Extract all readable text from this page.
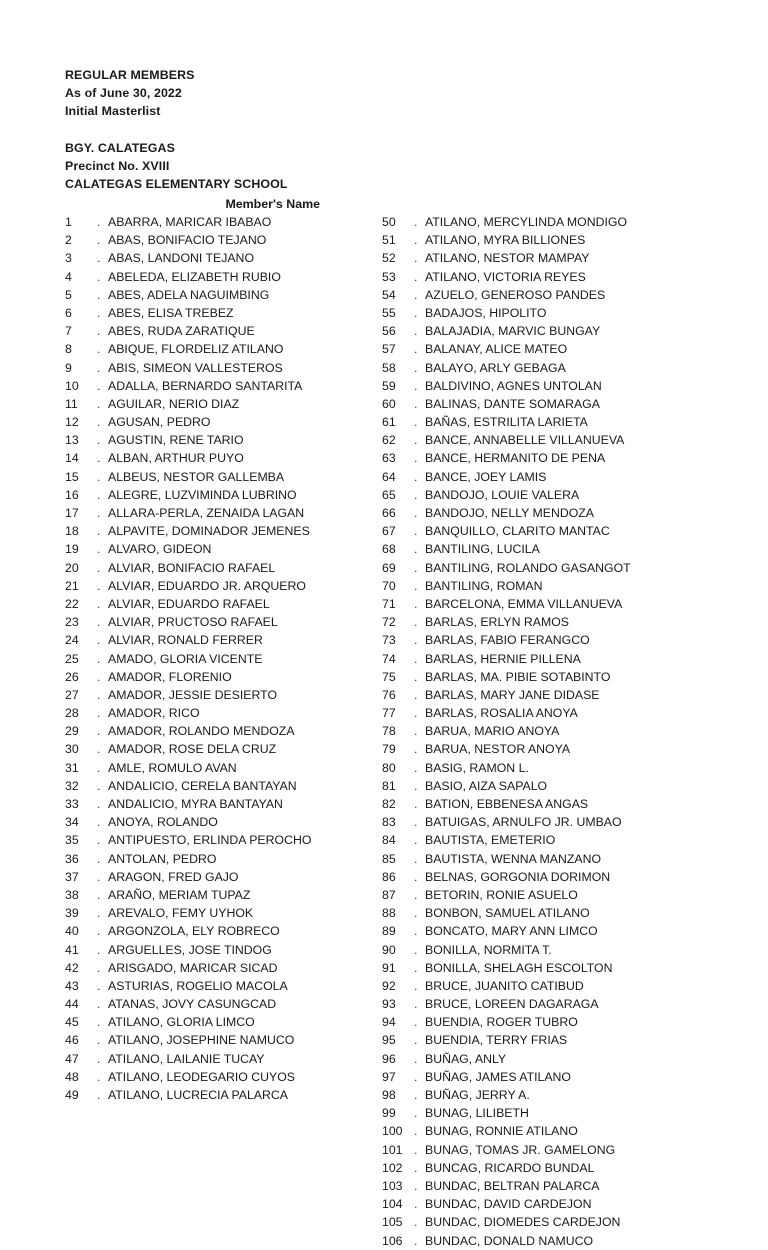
REGULAR MEMBERS
As of June 30, 2022
Initial Masterlist
BGY. CALATEGAS
Precinct No. XVIII
CALATEGAS ELEMENTARY SCHOOL
Member's Name
1	. ABARRA, MARICAR IBABAO
2	. ABAS, BONIFACIO TEJANO
3	. ABAS, LANDONI TEJANO
4	. ABELEDA, ELIZABETH RUBIO
5	. ABES, ADELA NAGUIMBING
6	. ABES, ELISA TREBEZ
7	. ABES, RUDA ZARATIQUE
8	. ABIQUE, FLORDELIZ ATILANO
9	. ABIS, SIMEON VALLESTEROS
10	. ADALLA, BERNARDO SANTARITA
11	. AGUILAR, NERIO DIAZ
12	. AGUSAN, PEDRO
13	. AGUSTIN, RENE TARIO
14	. ALBAN, ARTHUR PUYO
15	. ALBEUS, NESTOR GALLEMBA
16	. ALEGRE, LUZVIMINDA LUBRINO
17	. ALLARA-PERLA, ZENAIDA LAGAN
18	. ALPAVITE, DOMINADOR JEMENES
19	. ALVARO, GIDEON
20	. ALVIAR, BONIFACIO RAFAEL
21	. ALVIAR, EDUARDO JR. ARQUERO
22	. ALVIAR, EDUARDO RAFAEL
23	. ALVIAR, PRUCTOSO RAFAEL
24	. ALVIAR, RONALD FERRER
25	. AMADO, GLORIA VICENTE
26	. AMADOR, FLORENIO
27	. AMADOR, JESSIE DESIERTO
28	. AMADOR, RICO
29	. AMADOR, ROLANDO MENDOZA
30	. AMADOR, ROSE DELA CRUZ
31	. AMLE, ROMULO AVAN
32	. ANDALICIO, CERELA BANTAYAN
33	. ANDALICIO, MYRA BANTAYAN
34	. ANOYA, ROLANDO
35	. ANTIPUESTO, ERLINDA PEROCHO
36	. ANTOLAN, PEDRO
37	. ARAGON, FRED GAJO
38	. ARAÑO, MERIAM TUPAZ
39	. AREVALO, FEMY UYHOK
40	. ARGONZOLA, ELY ROBRECO
41	. ARGUELLES, JOSE TINDOG
42	. ARISGADO, MARICAR SICAD
43	. ASTURIAS, ROGELIO MACOLA
44	. ATANAS, JOVY CASUNGCAD
45	. ATILANO, GLORIA LIMCO
46	. ATILANO, JOSEPHINE NAMUCO
47	. ATILANO, LAILANIE TUCAY
48	. ATILANO, LEODEGARIO CUYOS
49	. ATILANO, LUCRECIA PALARCA
50	. ATILANO, MERCYLINDA MONDIGO
51	. ATILANO, MYRA BILLIONES
52	. ATILANO, NESTOR MAMPAY
53	. ATILANO, VICTORIA REYES
54	. AZUELO, GENEROSO PANDES
55	. BADAJOS, HIPOLITO
56	. BALAJADIA, MARVIC BUNGAY
57	. BALANAY, ALICE MATEO
58	. BALAYO, ARLY GEBAGA
59	. BALDIVINO, AGNES UNTOLAN
60	. BALINAS, DANTE SOMARAGA
61	. BAÑAS, ESTRILITA LARIETA
62	. BANCE, ANNABELLE VILLANUEVA
63	. BANCE, HERMANITO DE PENA
64	. BANCE, JOEY LAMIS
65	. BANDOJO, LOUIE VALERA
66	. BANDOJO, NELLY MENDOZA
67	. BANQUILLO, CLARITO MANTAC
68	. BANTILING, LUCILA
69	. BANTILING, ROLANDO GASANGOT
70	. BANTILING, ROMAN
71	. BARCELONA, EMMA VILLANUEVA
72	. BARLAS, ERLYN RAMOS
73	. BARLAS, FABIO FERANGCO
74	. BARLAS, HERNIE PILLENA
75	. BARLAS, MA. PIBIE SOTABINTO
76	. BARLAS, MARY JANE DIDASE
77	. BARLAS, ROSALIA ANOYA
78	. BARUA, MARIO ANOYA
79	. BARUA, NESTOR ANOYA
80	. BASIG, RAMON L.
81	. BASIO, AIZA SAPALO
82	. BATION, EBBENESA ANGAS
83	. BATUIGAS, ARNULFO JR. UMBAO
84	. BAUTISTA, EMETERIO
85	. BAUTISTA, WENNA MANZANO
86	. BELNAS, GORGONIA DORIMON
87	. BETORIN, RONIE ASUELO
88	. BONBON, SAMUEL ATILANO
89	. BONCATO, MARY ANN LIMCO
90	. BONILLA, NORMITA T.
91	. BONILLA, SHELAGH ESCOLTON
92	. BRUCE, JUANITO CATIBUD
93	. BRUCE, LOREEN DAGARAGA
94	. BUENDIA, ROGER TUBRO
95	. BUENDIA, TERRY FRIAS
96	. BUÑAG, ANLY
97	. BUÑAG, JAMES ATILANO
98	. BUÑAG, JERRY A.
99	. BUNAG, LILIBETH
100 . BUNAG, RONNIE ATILANO
101 . BUNAG, TOMAS JR. GAMELONG
102 . BUNCAG, RICARDO BUNDAL
103 . BUNDAC, BELTRAN PALARCA
104 . BUNDAC, DAVID CARDEJON
105 . BUNDAC, DIOMEDES CARDEJON
106 . BUNDAC, DONALD NAMUCO
